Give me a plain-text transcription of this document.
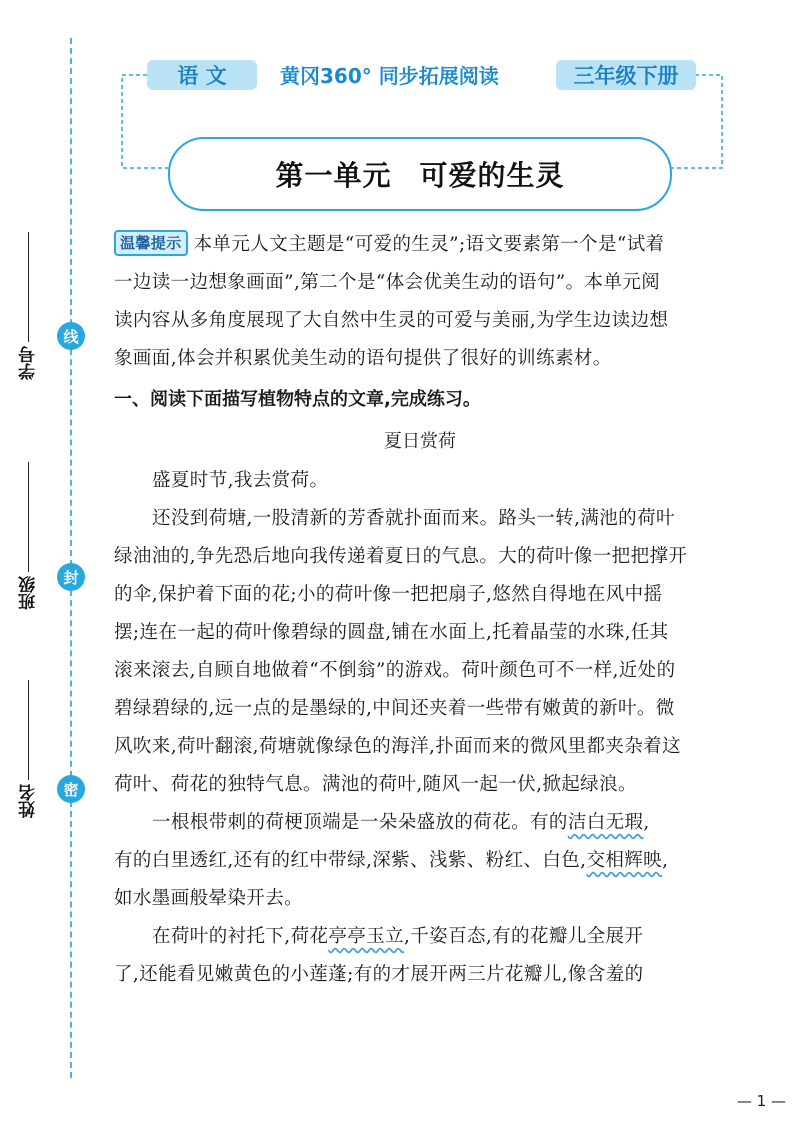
线
封
密
学号
班级
姓名
语 文	黄冈360° 同步拓展阅读	三年级下册
第一单元 可爱的生灵
温馨提示 本单元人文主题是“可爱的生灵”;语文要素第一个是“试着
一边读一边想象画面”,第二个是“体会优美生动的语句”。本单元阅
读内容从多角度展现了大自然中生灵的可爱与美丽,为学生边读边想
象画面,体会并积累优美生动的语句提供了很好的训练素材。
一、阅读下面描写植物特点的文章,完成练习。
夏日赏荷
盛夏时节,我去赏荷。
还没到荷塘,一股清新的芳香就扑面而来。路头一转,满池的荷叶
绿油油的,争先恐后地向我传递着夏日的气息。大的荷叶像一把把撑开
的伞,保护着下面的花;小的荷叶像一把把扇子,悠然自得地在风中摇
摆;连在一起的荷叶像碧绿的圆盘,铺在水面上,托着晶莹的水珠,任其
滚来滚去,自顾自地做着“不倒翁”的游戏。荷叶颜色可不一样,近处的
碧绿碧绿的,远一点的是墨绿的,中间还夹着一些带有嫩黄的新叶。微
风吹来,荷叶翻滚,荷塘就像绿色的海洋,扑面而来的微风里都夹杂着这
荷叶、荷花的独特气息。满池的荷叶,随风一起一伏,掀起绿浪。
一根根带刺的荷梗顶端是一朵朵盛放的荷花。有的洁白无瑕,
有的白里透红,还有的红中带绿,深紫、浅紫、粉红、白色,交相辉映,
如水墨画般晕染开去。
在荷叶的衬托下,荷花亭亭玉立,千姿百态,有的花瓣儿全展开
了,还能看见嫩黄色的小莲蓬;有的才展开两三片花瓣儿,像含羞的
— 1 —
